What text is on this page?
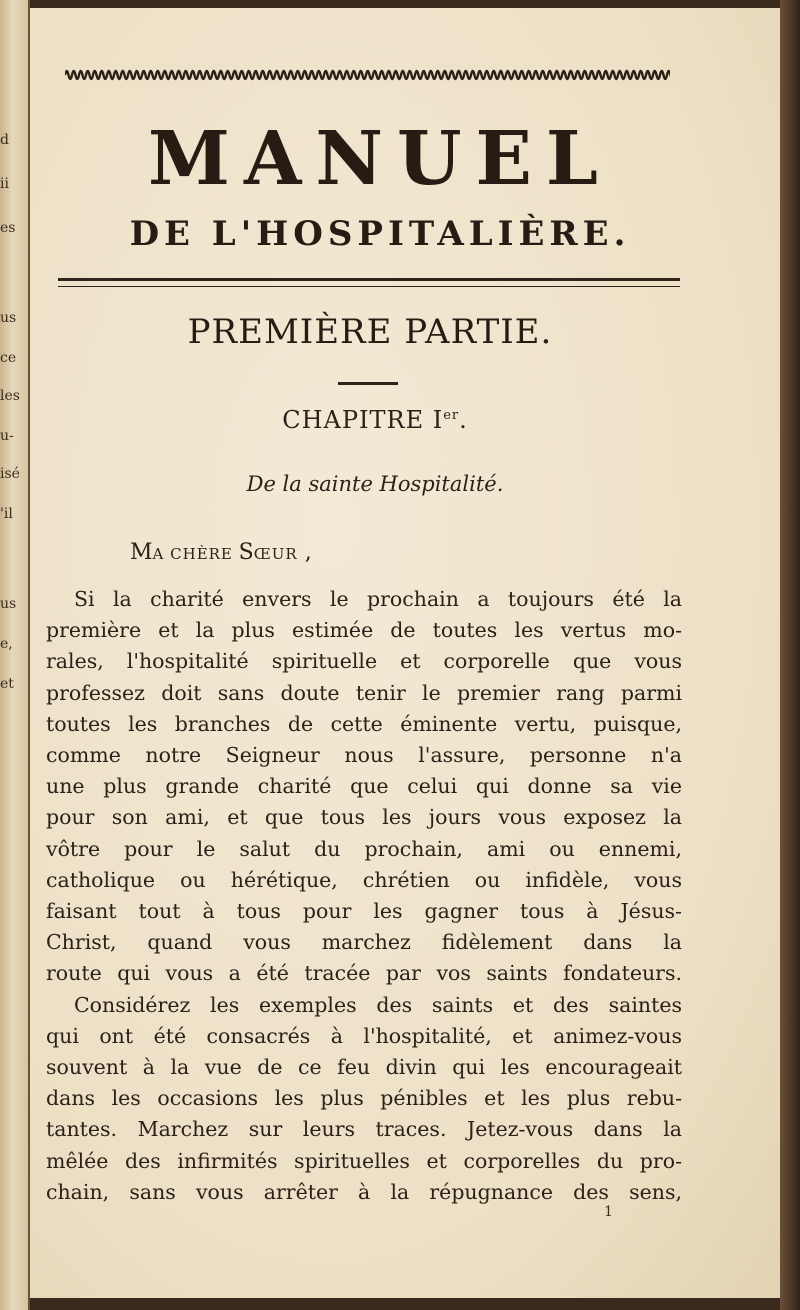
d
ii
es
us
ce
les
u-
isé
'il
us
e,
et
MANUEL
DE L'HOSPITALIÈRE.
PREMIÈRE PARTIE.
CHAPITRE Ier.
De la sainte Hospitalité.
MA CHÈRE SŒUR ,
Si la charité envers le prochain a toujours été la
première et la plus estimée de toutes les vertus mo-
rales, l'hospitalité spirituelle et corporelle que vous
professez doit sans doute tenir le premier rang parmi
toutes les branches de cette éminente vertu, puisque,
comme notre Seigneur nous l'assure, personne n'a
une plus grande charité que celui qui donne sa vie
pour son ami, et que tous les jours vous exposez la
vôtre pour le salut du prochain, ami ou ennemi,
catholique ou hérétique, chrétien ou infidèle, vous
faisant tout à tous pour les gagner tous à Jésus-
Christ, quand vous marchez fidèlement dans la
route qui vous a été tracée par vos saints fondateurs.
Considérez les exemples des saints et des saintes
qui ont été consacrés à l'hospitalité, et animez-vous
souvent à la vue de ce feu divin qui les encourageait
dans les occasions les plus pénibles et les plus rebu-
tantes. Marchez sur leurs traces. Jetez-vous dans la
mêlée des infirmités spirituelles et corporelles du pro-
chain, sans vous arrêter à la répugnance des sens,
1
